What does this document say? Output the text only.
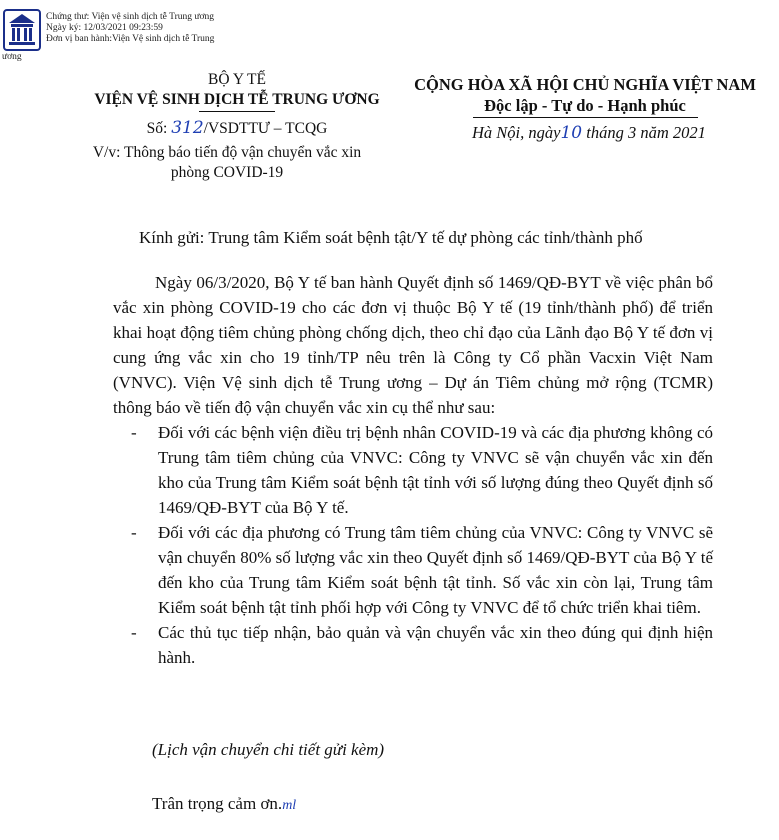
Chứng thư: Viện vệ sinh dịch tễ Trung ương
Ngày ký: 12/03/2021 09:23:59
Đơn vị ban hành:Viện Vệ sinh dịch tễ Trung
ương
BỘ Y TẾ
VIỆN VỆ SINH DỊCH TỄ TRUNG ƯƠNG
Số: 312/VSDTTƯ – TCQG
V/v: Thông báo tiến độ vận chuyển vắc xin
phòng COVID-19
CỘNG HÒA XÃ HỘI CHỦ NGHĨA VIỆT NAM
Độc lập - Tự do - Hạnh phúc
Hà Nội, ngày10 tháng 3 năm 2021
Kính gửi: Trung tâm Kiểm soát bệnh tật/Y tế dự phòng các tỉnh/thành phố

Ngày 06/3/2020, Bộ Y tế ban hành Quyết định số 1469/QĐ-BYT về việc phân bổ vắc xin phòng COVID-19 cho các đơn vị thuộc Bộ Y tế (19 tỉnh/thành phố) để triển khai hoạt động tiêm chủng phòng chống dịch, theo chỉ đạo của Lãnh đạo Bộ Y tế đơn vị cung ứng vắc xin cho 19 tỉnh/TP nêu trên là Công ty Cổ phần Vacxin Việt Nam (VNVC). Viện Vệ sinh dịch tễ Trung ương – Dự án Tiêm chủng mở rộng (TCMR) thông báo về tiến độ vận chuyển vắc xin cụ thể như sau:

- Đối với các bệnh viện điều trị bệnh nhân COVID-19 và các địa phương không có Trung tâm tiêm chủng của VNVC: Công ty VNVC sẽ vận chuyển vắc xin đến kho của Trung tâm Kiểm soát bệnh tật tỉnh với số lượng đúng theo Quyết định số 1469/QĐ-BYT của Bộ Y tế.

- Đối với các địa phương có Trung tâm tiêm chủng của VNVC: Công ty VNVC sẽ vận chuyển 80% số lượng vắc xin theo Quyết định số 1469/QĐ-BYT của Bộ Y tế đến kho của Trung tâm Kiểm soát bệnh tật tỉnh. Số vắc xin còn lại, Trung tâm Kiểm soát bệnh tật tỉnh phối hợp với Công ty VNVC để tổ chức triển khai tiêm.

- Các thủ tục tiếp nhận, bảo quản và vận chuyển vắc xin theo đúng qui định hiện hành.

(Lịch vận chuyển chi tiết gửi kèm)
Trân trọng cảm ơn.ml
